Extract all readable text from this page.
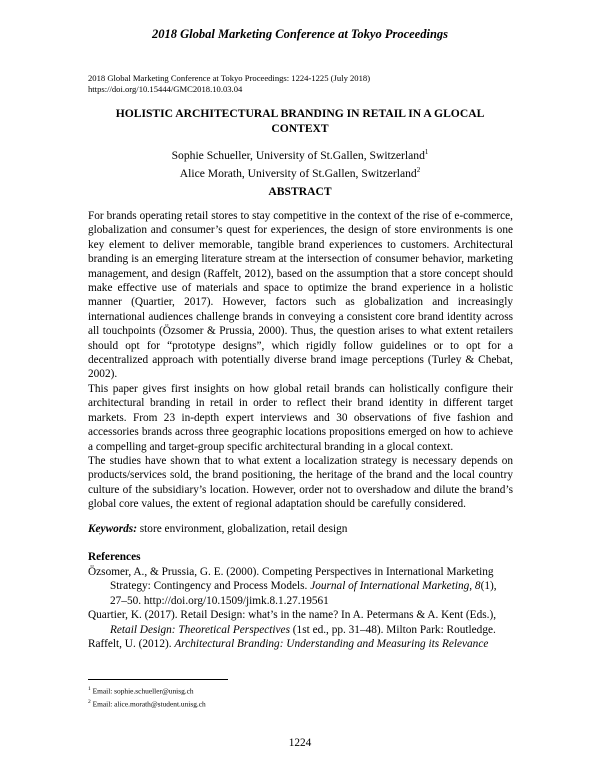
2018 Global Marketing Conference at Tokyo Proceedings
2018 Global Marketing Conference at Tokyo Proceedings: 1224-1225 (July 2018)
https://doi.org/10.15444/GMC2018.10.03.04
HOLISTIC ARCHITECTURAL BRANDING IN RETAIL IN A GLOCAL
CONTEXT
Sophie Schueller, University of St.Gallen, Switzerland$^1$
Alice Morath, University of St.Gallen, Switzerland$^2$
ABSTRACT

For brands operating retail stores to stay competitive in the context of the rise of e-commerce, globalization and consumer’s quest for experiences, the design of store environments is one key element to deliver memorable, tangible brand experiences to customers. Architectural branding is an emerging literature stream at the intersection of consumer behavior, marketing management, and design (Raffelt, 2012), based on the assumption that a store concept should make effective use of materials and space to optimize the brand experience in a holistic manner (Quartier, 2017). However, factors such as globalization and increasingly international audiences challenge brands in conveying a consistent core brand identity across all touchpoints (Özsomer & Prussia, 2000). Thus, the question arises to what extent retailers should opt for “prototype designs”, which rigidly follow guidelines or to opt for a decentralized approach with potentially diverse brand image perceptions (Turley & Chebat, 2002).

This paper gives first insights on how global retail brands can holistically configure their architectural branding in retail in order to reflect their brand identity in different target markets. From 23 in-depth expert interviews and 30 observations of five fashion and accessories brands across three geographic locations propositions emerged on how to achieve a compelling and target-group specific architectural branding in a glocal context.

The studies have shown that to what extent a localization strategy is necessary depends on products/services sold, the brand positioning, the heritage of the brand and the local country culture of the subsidiary’s location. However, order not to overshadow and dilute the brand’s global core values, the extent of regional adaptation should be carefully considered.

Keywords: store environment, globalization, retail design
References

Özsomer, A., & Prussia, G. E. (2000). Competing Perspectives in International Marketing Strategy: Contingency and Process Models. Journal of International Marketing, 8(1), 27–50. http://doi.org/10.1509/jimk.8.1.27.19561

Quartier, K. (2017). Retail Design: what’s in the name? In A. Petermans & A. Kent (Eds.), Retail Design: Theoretical Perspectives (1st ed., pp. 31–48). Milton Park: Routledge.

Raffelt, U. (2012). Architectural Branding: Understanding and Measuring its Relevance

$^1$ Email: sophie.schueller@unisg.ch
$^2$ Email: alice.morath@student.unisg.ch
1224
